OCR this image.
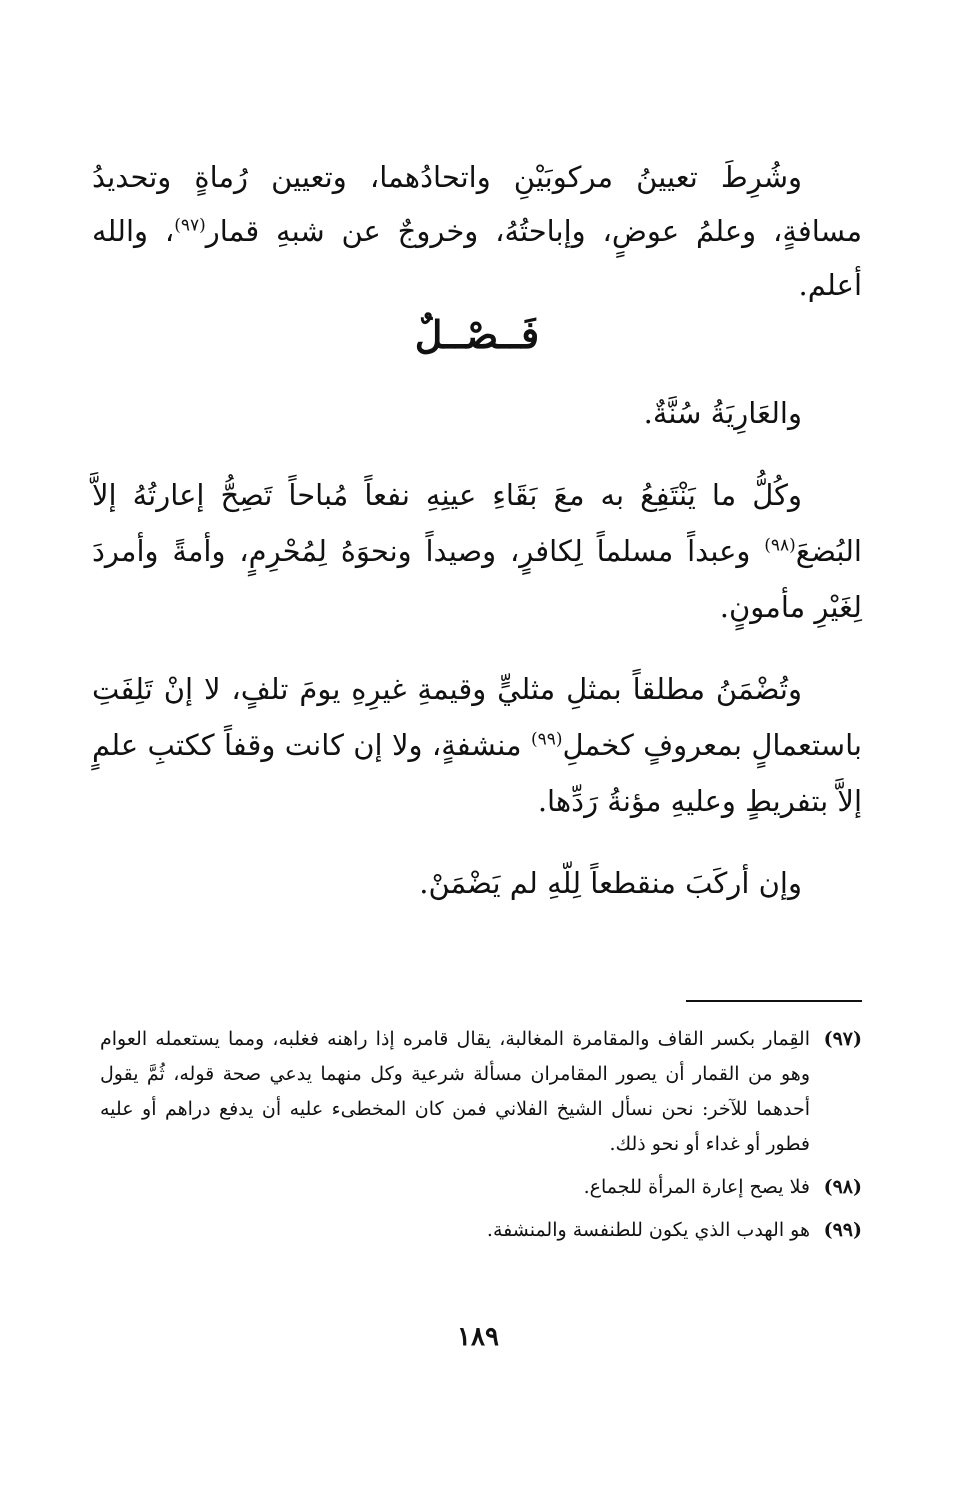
وشُرِطَ تعيينُ مركوبَيْنِ واتحادُهما، وتعيين رُماةٍ وتحديدُ مسافةٍ، وعلمُ عوضٍ، وإباحتُهُ، وخروجٌ عن شبهِ قمار$^{(٩٧)}$، والله أعلم.

فَــصْــلٌ

والعَارِيَةُ سُنَّةٌ.

وكُلُّ ما يَنْتَفِعُ به معَ بَقَاءِ عينِهِ نفعاً مُباحاً تَصِحُّ إعارتُهُ إلاَّ البُضعَ$^{(٩٨)}$ وعبداً مسلماً لِكافرٍ، وصيداً ونحوَهُ لِمُحْرِمٍ، وأمةً وأمردَ لِغَيْرِ مأمونٍ.

وتُضْمَنُ مطلقاً بمثلِ مثليٍّ وقيمةِ غيرِهِ يومَ تلفٍ، لا إنْ تَلِفَتِ باستعمالٍ بمعروفٍ كخملِ$^{(٩٩)}$ منشفةٍ، ولا إن كانت وقفاً ككتبِ علمٍ إلاَّ بتفريطٍ وعليهِ مؤنةُ رَدِّها.

وإن أركَبَ منقطعاً لِلّهِ لم يَضْمَنْ.

(٩٧)
القِمار بكسر القاف والمقامرة المغالبة، يقال قامره إذا راهنه فغلبه، ومما يستعمله العوام وهو من القمار أن يصور المقامران مسألة شرعية وكل منهما يدعي صحة قوله، ثُمَّ يقول أحدهما للآخر: نحن نسأل الشيخ الفلاني فمن كان المخطىء عليه أن يدفع دراهم أو عليه فطور أو غداء أو نحو ذلك.
(٩٨)
فلا يصح إعارة المرأة للجماع.
(٩٩)
هو الهدب الذي يكون للطنفسة والمنشفة.
١٨٩
